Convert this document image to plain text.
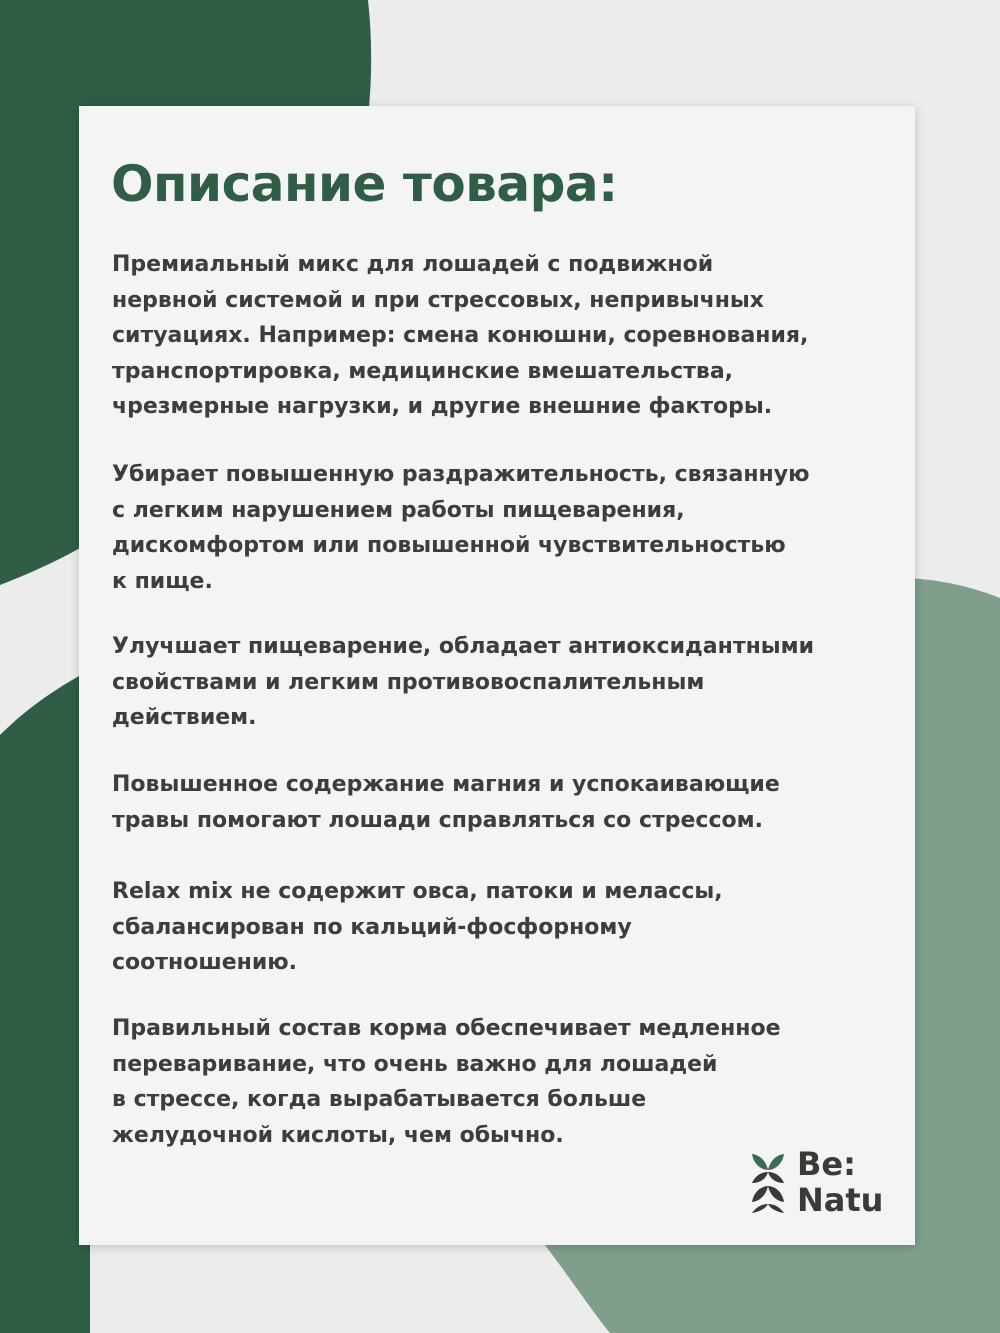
Описание товара:

Премиальный микс для лошадей с подвижной
нервной системой и при стрессовых, непривычных
ситуациях. Например: смена конюшни, соревнования,
транспортировка, медицинские вмешательства,
чрезмерные нагрузки, и другие внешние факторы.

Убирает повышенную раздражительность, связанную
с легким нарушением работы пищеварения,
дискомфортом или повышенной чувствительностью
к пище.

Улучшает пищеварение, обладает антиоксидантными
свойствами и легким противовоспалительным
действием.

Повышенное содержание магния и успокаивающие
травы помогают лошади справляться со стрессом.

Relax mix не содержит овса, патоки и мелассы,
сбалансирован по кальций-фосфорному
соотношению.

Правильный состав корма обеспечивает медленное
переваривание, что очень важно для лошадей
в стрессе, когда вырабатывается больше
желудочной кислоты, чем обычно.

Be:
Natu
